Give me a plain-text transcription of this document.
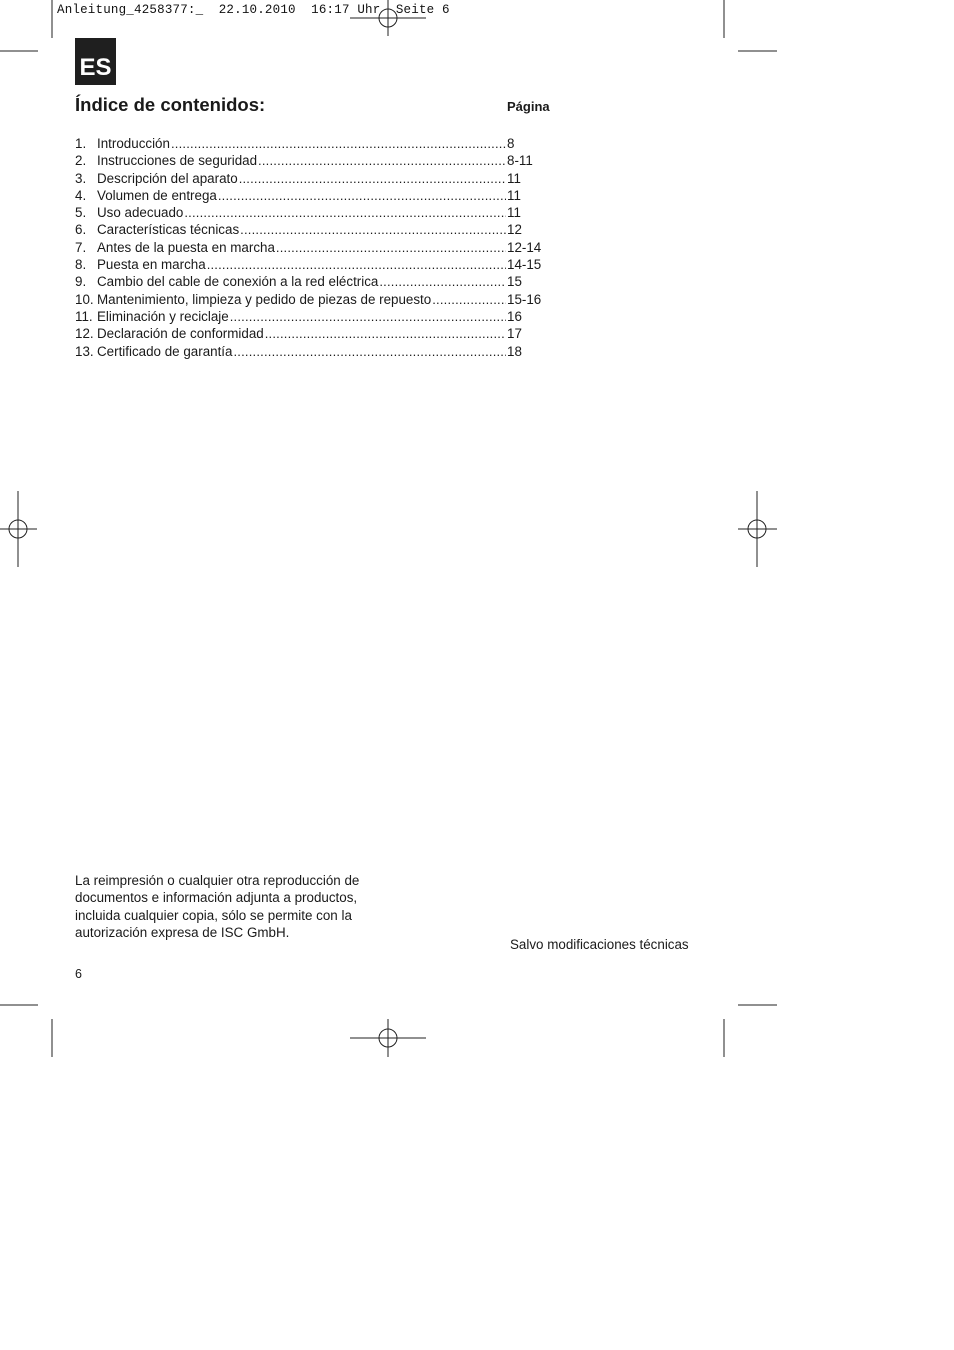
Anleitung_4258377:_  22.10.2010  16:17 Uhr  Seite 6
ES
Índice de contenidos:	Página
1. Introducción .....	8
2. Instrucciones de seguridad .....	8-11
3. Descripción del aparato .....	11
4. Volumen de entrega .....	11
5. Uso adecuado .....	11
6. Características técnicas .....	12
7. Antes de la puesta en marcha .....	12-14
8. Puesta en marcha .....	14-15
9. Cambio del cable de conexión a la red eléctrica .....	15
10. Mantenimiento, limpieza y pedido de piezas de repuesto .....	15-16
11. Eliminación y reciclaje .....	16
12. Declaración de conformidad .....	17
13. Certificado de garantía .....	18

La reimpresión o cualquier otra reproducción de documentos e información adjunta a productos, incluida cualquier copia, sólo se permite con la autorización expresa de ISC GmbH.

Salvo modificaciones técnicas
6
